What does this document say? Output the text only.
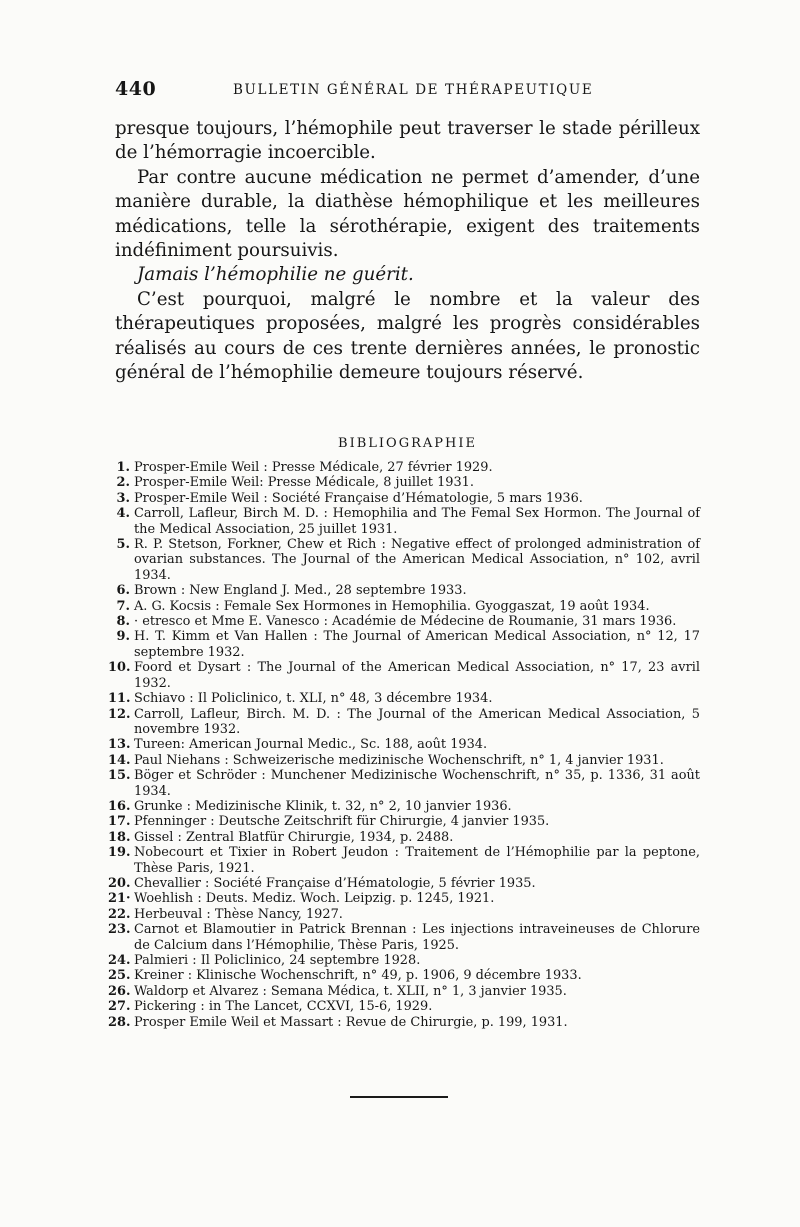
440	BULLETIN GÉNÉRAL DE THÉRAPEUTIQUE

presque toujours, l’hémophile peut traverser le stade périlleux de l’hémorragie incoercible.

Par contre aucune médication ne permet d’amender, d’une manière durable, la diathèse hémophilique et les meilleures médications, telle la sérothérapie, exigent des traitements indéfiniment poursuivis.

Jamais l’hémophilie ne guérit.

C’est pourquoi, malgré le nombre et la valeur des thérapeutiques proposées, malgré les progrès considérables réalisés au cours de ces trente dernières années, le pronostic général de l’hémophilie demeure toujours réservé.

BIBLIOGRAPHIE
1. Prosper-Emile Weil : Presse Médicale, 27 février 1929.
2. Prosper-Emile Weil: Presse Médicale, 8 juillet 1931.
3. Prosper-Emile Weil : Société Française d’Hématologie, 5 mars 1936.
4. Carroll, Lafleur, Birch M. D. : Hemophilia and The Femal Sex Hormon. The Journal of the Medical Association, 25 juillet 1931.
5. R. P. Stetson, Forkner, Chew et Rich : Negative effect of prolonged administration of ovarian substances. The Journal of the American Medical Association, n° 102, avril 1934.
6. Brown : New England J. Med., 28 septembre 1933.
7. A. G. Kocsis : Female Sex Hormones in Hemophilia. Gyoggaszat, 19 août 1934.
8. · etresco et Mme E. Vanesco : Académie de Médecine de Roumanie, 31 mars 1936.
9. H. T. Kimm et Van Hallen : The Journal of American Medical Association, n° 12, 17 septembre 1932.
10. Foord et Dysart : The Journal of the American Medical Association, n° 17, 23 avril 1932.
11. Schiavo : Il Policlinico, t. XLI, n° 48, 3 décembre 1934.
12. Carroll, Lafleur, Birch. M. D. : The Journal of the American Medical Association, 5 novembre 1932.
13. Tureen: American Journal Medic., Sc. 188, août 1934.
14. Paul Niehans : Schweizerische medizinische Wochenschrift, n° 1, 4 janvier 1931.
15. Böger et Schröder : Munchener Medizinische Wochenschrift, n° 35, p. 1336, 31 août 1934.
16. Grunke : Medizinische Klinik, t. 32, n° 2, 10 janvier 1936.
17. Pfenninger : Deutsche Zeitschrift für Chirurgie, 4 janvier 1935.
18. Gissel : Zentral Blatfür Chirurgie, 1934, p. 2488.
19. Nobecourt et Tixier in Robert Jeudon : Traitement de l’Hémophilie par la peptone, Thèse Paris, 1921.
20. Chevallier : Société Française d’Hématologie, 5 février 1935.
21· Woehlish : Deuts. Mediz. Woch. Leipzig. p. 1245, 1921.
22. Herbeuval : Thèse Nancy, 1927.
23. Carnot et Blamoutier in Patrick Brennan : Les injections intraveineuses de Chlorure de Calcium dans l’Hémophilie, Thèse Paris, 1925.
24. Palmieri : Il Policlinico, 24 septembre 1928.
25. Kreiner : Klinische Wochenschrift, n° 49, p. 1906, 9 décembre 1933.
26. Waldorp et Alvarez : Semana Médica, t. XLII, n° 1, 3 janvier 1935.
27. Pickering : in The Lancet, CCXVI, 15-6, 1929.
28. Prosper Emile Weil et Massart : Revue de Chirurgie, p. 199, 1931.
